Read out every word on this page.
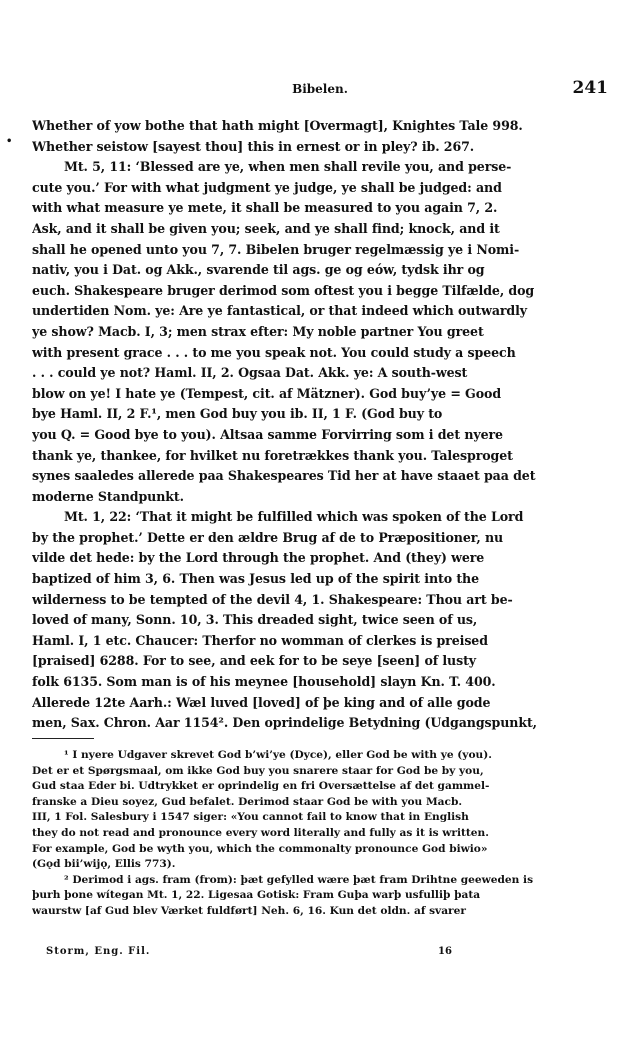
Bibelen.	241
•
Whether of yow bothe that hath might [Overmagt], Knightes Tale 998.
Whether seistow [sayest thou] this in ernest or in pley? ib. 267.
Mt. 5, 11: ‘Blessed are ye, when men shall revile you, and perse-
cute you.’ For with what judgment ye judge, ye shall be judged: and
with what measure ye mete, it shall be measured to you again 7, 2.
Ask, and it shall be given you; seek, and ye shall find; knock, and it
shall he opened unto you 7, 7. Bibelen bruger regelmæssig ye i Nomi-
nativ, you i Dat. og Akk., svarende til ags. ge og eów, tydsk ihr og
euch. Shakespeare bruger derimod som oftest you i begge Tilfælde, dog
undertiden Nom. ye: Are ye fantastical, or that indeed which outwardly
ye show? Macb. I, 3; men strax efter: My noble partner You greet
with present grace . . . to me you speak not. You could study a speech
. . . could ye not? Haml. II, 2. Ogsaa Dat. Akk. ye: A south-west
blow on ye! I hate ye (Tempest, cit. af Mätzner). God buy’ye = Good
bye Haml. II, 2 F.¹, men God buy you ib. II, 1 F. (God buy to
you Q. = Good bye to you). Altsaa samme Forvirring som i det nyere
thank ye, thankee, for hvilket nu foretrækkes thank you. Talesproget
synes saaledes allerede paa Shakespeares Tid her at have staaet paa det
moderne Standpunkt.
Mt. 1, 22: ‘That it might be fulfilled which was spoken of the Lord
by the prophet.’ Dette er den ældre Brug af de to Præpositioner, nu
vilde det hede: by the Lord through the prophet. And (they) were
baptized of him 3, 6. Then was Jesus led up of the spirit into the
wilderness to be tempted of the devil 4, 1. Shakespeare: Thou art be-
loved of many, Sonn. 10, 3. This dreaded sight, twice seen of us,
Haml. I, 1 etc. Chaucer: Therfor no womman of clerkes is preised
[praised] 6288. For to see, and eek for to be seye [seen] of lusty
folk 6135. Som man is of his meynee [household] slayn Kn. T. 400.
Allerede 12te Aarh.: Wæl luved [loved] of þe king and of alle gode
men, Sax. Chron. Aar 1154². Den oprindelige Betydning (Udgangspunkt,
¹ I nyere Udgaver skrevet God b’wi’ye (Dyce), eller God be with ye (you).
Det er et Spørgsmaal, om ikke God buy you snarere staar for God be by you,
Gud staa Eder bi. Udtrykket er oprindelig en fri Oversættelse af det gammel-
franske a Dieu soyez, Gud befalet. Derimod staar God be with you Macb.
III, 1 Fol. Salesbury i 1547 siger: «You cannot fail to know that in English
they do not read and pronounce every word literally and fully as it is written.
For example, God be wyth you, which the commonalty pronounce God biwio»
(Gǫd bii’wijǫ, Ellis 773).
² Derimod i ags. fram (from): þæt gefylled wære þæt fram Drihtne geeweden is
þurh þone wítegan Mt. 1, 22. Ligesaa Gotisk: Fram Guþa warþ usfulliþ þata
waurstw [af Gud blev Værket fuldført] Neh. 6, 16. Kun det oldn. af svarer
Storm, Eng. Fil.	16
